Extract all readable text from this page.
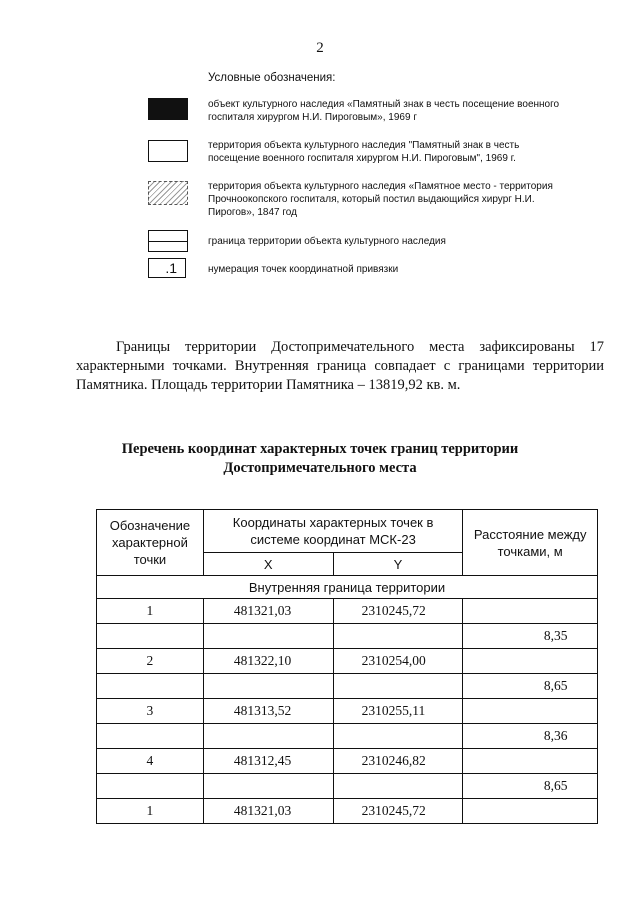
2
Условные обозначения:
объект культурного наследия «Памятный знак в честь посещение военного госпиталя хирургом Н.И. Пироговым», 1969 г
территория объекта культурного наследия "Памятный знак в честь посещение военного госпиталя хирургом Н.И. Пироговым", 1969 г.
территория объекта культурного наследия «Памятное место - территория Прочноокопского госпиталя, который постил выдающийся хирург Н.И. Пирогов», 1847 год
граница территории объекта культурного наследия
.1	нумерация точек координатной привязки
Границы территории Достопримечательного места зафиксированы 17 характерными точками. Внутренняя граница совпадает с границами территории Памятника. Площадь территории Памятника – 13819,92 кв. м.
Перечень координат характерных точек границ территории
Достопримечательного места
Обозначение характерной точки	Координаты характерных точек в системе координат МСК-23		Расстояние между точками, м
	X	Y	
Внутренняя граница территории			
1	481321,03	2310245,72	
			8,35
2	481322,10	2310254,00	
			8,65
3	481313,52	2310255,11	
			8,36
4	481312,45	2310246,82	
			8,65
1	481321,03	2310245,72	
